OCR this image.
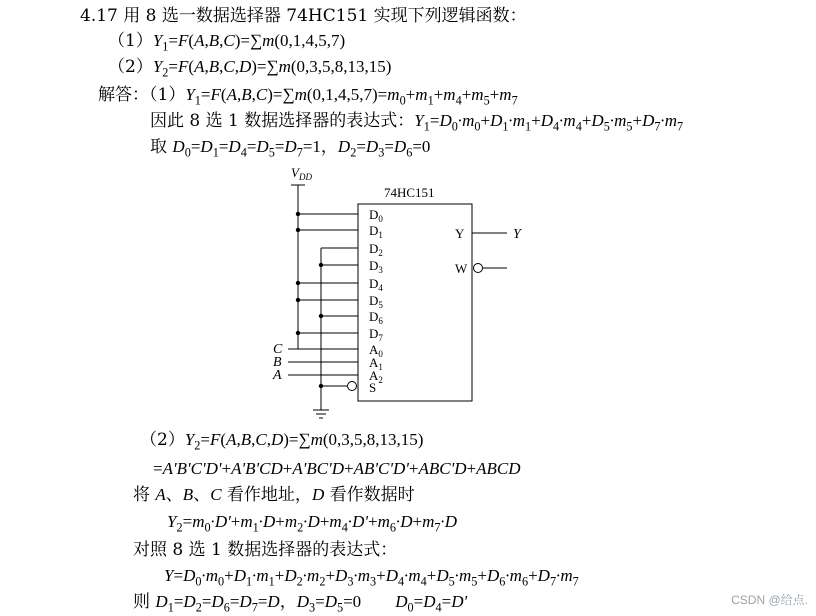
4.17 用 8 选一数据选择器 74HC151 实现下列逻辑函数：
$(1)Y_1=F(A,B,C)=\sum m(0,1,4,5,7)$
$(2)Y_2=F(A,B,C,D)=\sum m(0,3,5,8,13,15)$
解答：$(1)Y_1=F(A,B,C)=\sum m(0,1,4,5,7)=m_0+m_1+m_4+m_5+m_7$
因此 8 选 1 数据选择器的表达式：$Y_1=D_0\cdot m_0+D_1\cdot m_1+D_4\cdot m_4+D_5\cdot m_5+D_7\cdot m_7$
取 $D_0=D_1=D_4=D_5=D_7=1$，$D_2=D_3=D_6=0$
$(2)Y_2=F(A,B,C,D)=\sum m(0,3,5,8,13,15)$
=A'B'C'D'+A'B'CD+A'BC'D+AB'C'D'+ABC'D+ABCD
将 A、B、C 看作地址，D 看作数据时
$Y_2=m_0\cdot D'+m_1\cdot D+m_2\cdot D+m_4\cdot D'+m_6\cdot D+m_7\cdot D$
对照 8 选 1 数据选择器的表达式：
$Y=D_0\cdot m_0+D_1\cdot m_1+D_2\cdot m_2+D_3\cdot m_3+D_4\cdot m_4+D_5\cdot m_5+D_6\cdot m_6+D_7\cdot m_7$
则 $D_1=D_2=D_6=D_7=D$，$D_3=D_5=0$　　$D_0=D_4=D'$
74HC151
$D_0$
$D_1$
$D_2$
$D_3$
$D_4$
$D_5$
$D_6$
$D_7$
$A_0$
$A_1$
$A_2$
S
$V_{DD}$
C
B
A
Y	Y
W
CSDN @给点.
